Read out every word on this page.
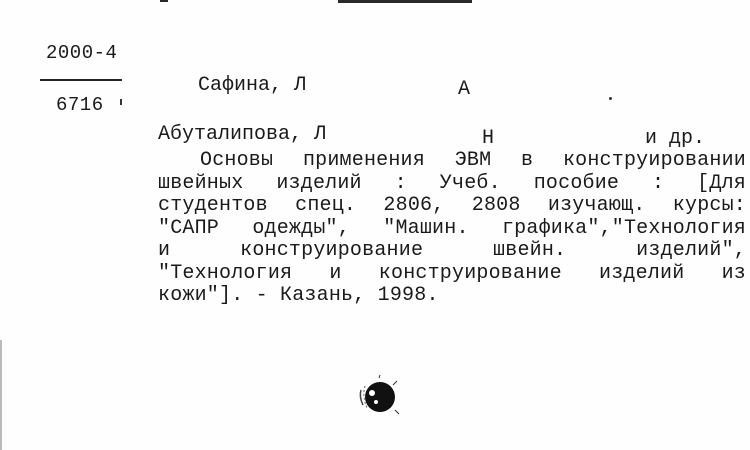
2000-4
6716
Сафина, Л	А
Абуталипова, Л	Н	и др.
Основы применения ЭВМ в конструировании
швейных изделий : Учеб. пособие : [Для
студентов спец. 2806, 2808 изучающ. курсы:
"САПР одежды", "Машин. графика","Технология
и конструирование швейн. изделий",
"Технология и конструирование изделий из
кожи"]. - Казань, 1998.
